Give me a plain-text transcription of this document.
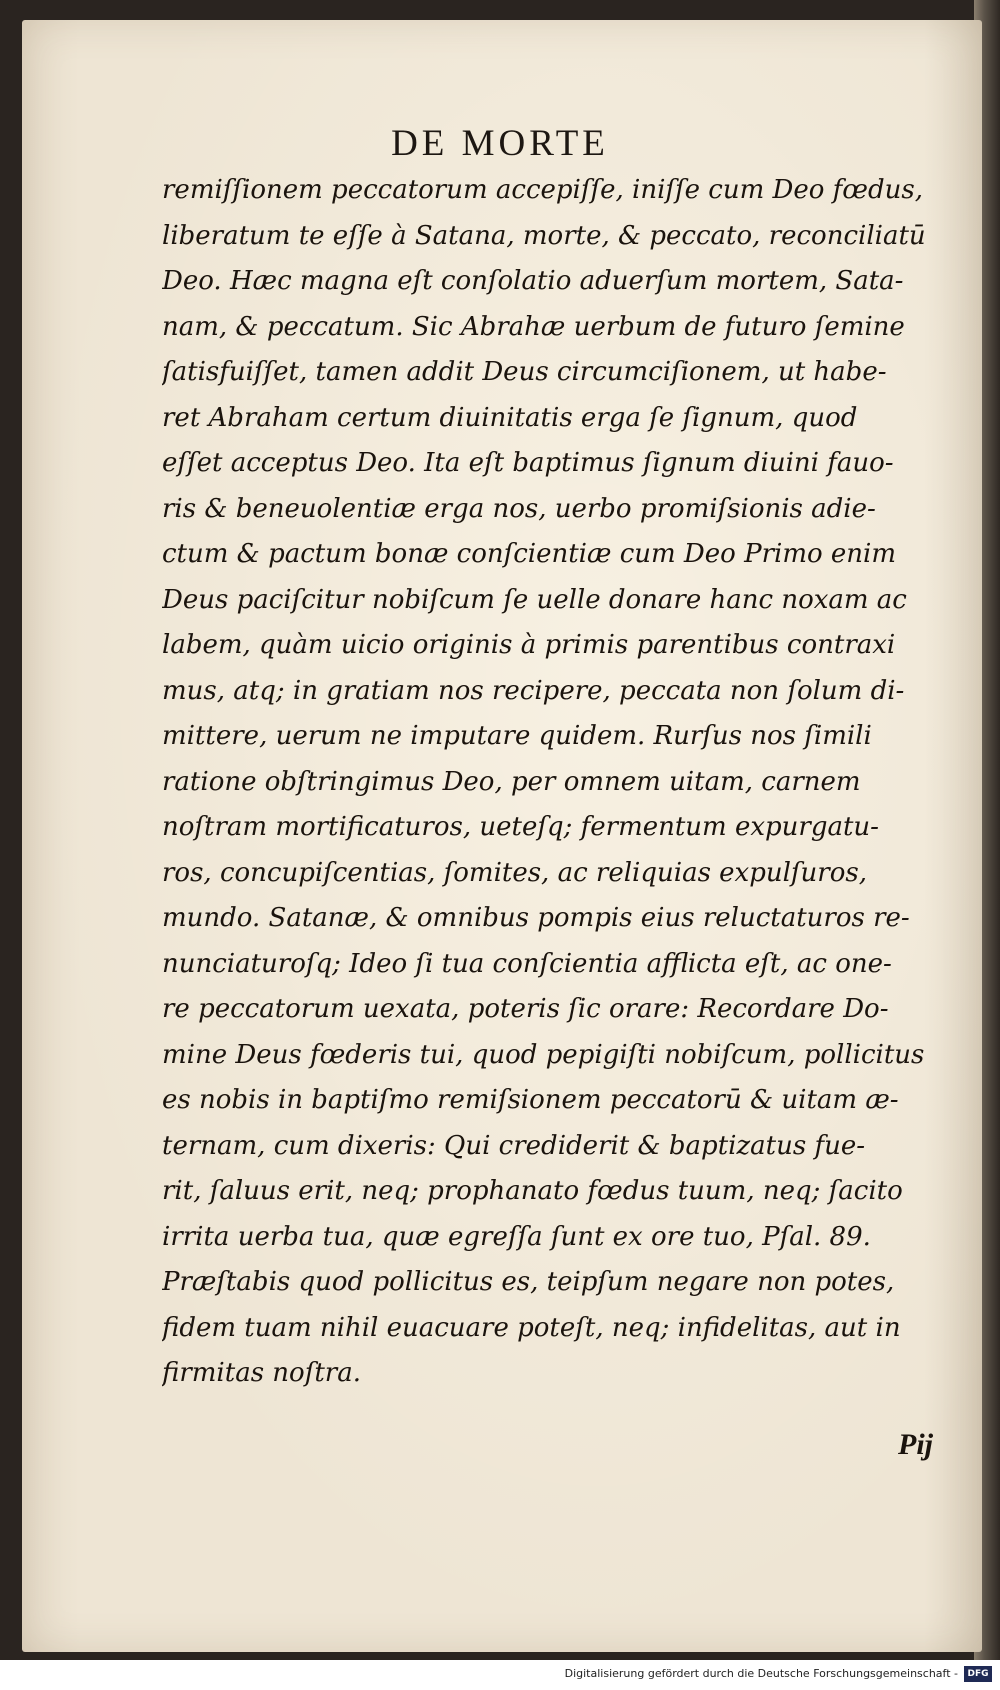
DE MORTE
remiſſionem peccatorum accepiſſe, iniſſe cum Deo fœdus,
liberatum te eſſe à Satana, morte, & peccato, reconciliatū
Deo. Hæc magna eſt conſolatio aduerſum mortem, Sata-
nam, & peccatum. Sic Abrahæ uerbum de futuro ſemine
ſatisfuiſſet, tamen addit Deus circumciſionem, ut habe-
ret Abraham certum diuinitatis erga ſe ſignum, quod
eſſet acceptus Deo. Ita eſt baptimus ſignum diuini fauo-
ris & beneuolentiæ erga nos, uerbo promiſsionis adie-
ctum & pactum bonæ conſcientiæ cum Deo Primo enim
Deus paciſcitur nobiſcum ſe uelle donare hanc noxam ac
labem, quàm uicio originis à primis parentibus contraxi
mus, atq; in gratiam nos recipere, peccata non ſolum di-
mittere, uerum ne imputare quidem. Rurſus nos ſimili
ratione obſtringimus Deo, per omnem uitam, carnem
noſtram mortificaturos, ueteſq; fermentum expurgatu-
ros, concupiſcentias, ſomites, ac reliquias expulſuros,
mundo. Satanæ, & omnibus pompis eius reluctaturos re-
nunciaturoſq; Ideo ſi tua conſcientia afflicta eſt, ac one-
re peccatorum uexata, poteris ſic orare: Recordare Do-
mine Deus fœderis tui, quod pepigiſti nobiſcum, pollicitus
es nobis in baptiſmo remiſsionem peccatorū & uitam æ-
ternam, cum dixeris: Qui crediderit & baptizatus fue-
rit, ſaluus erit, neq; prophanato fœdus tuum, neq; ſacito
irrita uerba tua, quæ egreſſa ſunt ex ore tuo, Pſal. 89.
Præſtabis quod pollicitus es, teipſum negare non potes,
fidem tuam nihil euacuare poteſt, neq; infidelitas, aut in
firmitas noſtra.
Pij
Digitalisierung gefördert durch die Deutsche Forschungsgemeinschaft -	DFG
